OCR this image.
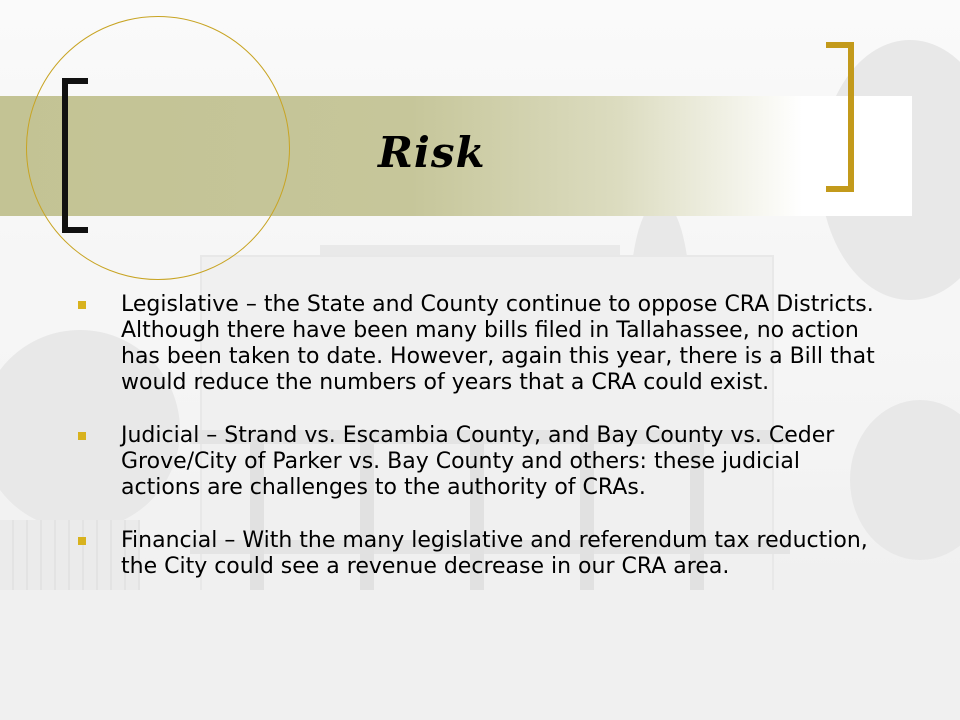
Risk
Legislative – the State and County continue to oppose CRA Districts. Although there have been many bills filed in Tallahassee, no action has been taken to date. However, again this year, there is a Bill that would reduce the numbers of years that a CRA could exist.
Judicial – Strand vs. Escambia County, and Bay County vs. Ceder Grove/City of Parker vs. Bay County and others: these judicial actions are challenges to the authority of CRAs.
Financial – With the many legislative and referendum tax reduction, the City could see a revenue decrease in our CRA area.
